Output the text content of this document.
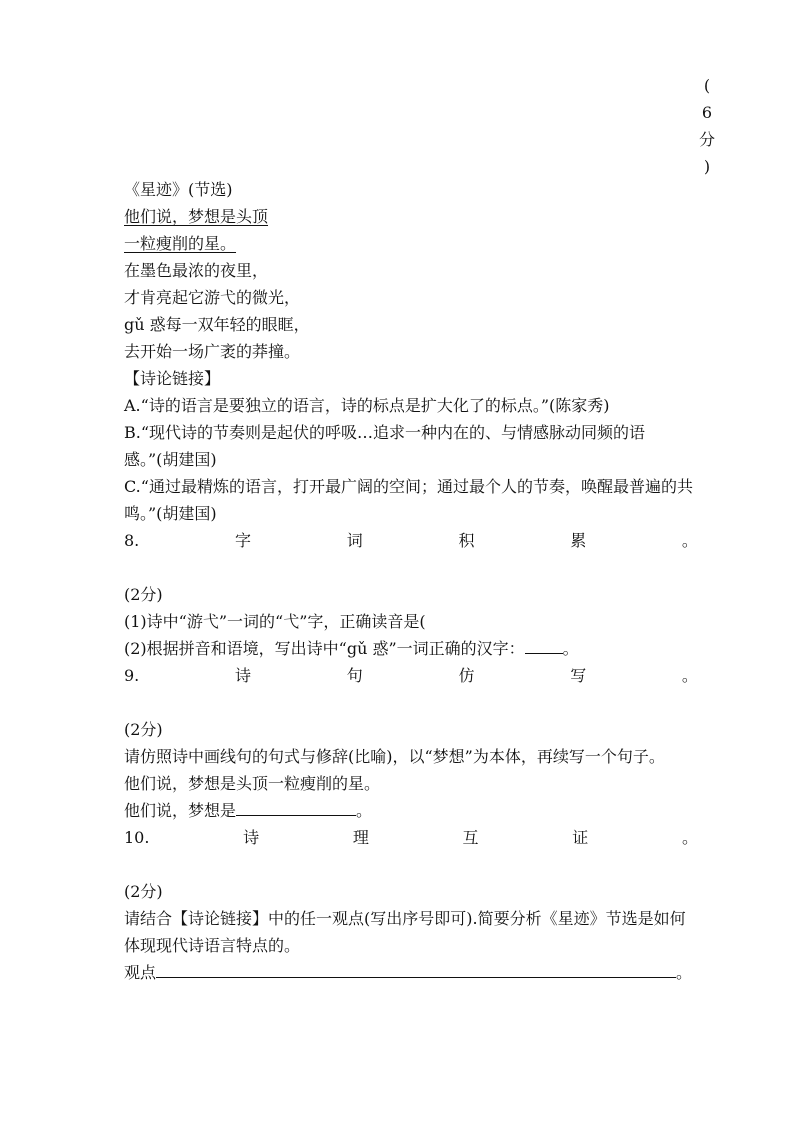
(
6
分
)
《星迹》(节选)
他们说，梦想是头顶
一粒瘦削的星。
在墨色最浓的夜里，
才肯亮起它游弋的微光，
gǔ 惑每一双年轻的眼眶，
去开始一场广袤的莽撞。
【诗论链接】
A.“诗的语言是要独立的语言，诗的标点是扩大化了的标点。”(陈家秀)
B.“现代诗的节奏则是起伏的呼吸…追求一种内在的、与情感脉动同频的语感。”(胡建国)
C.“通过最精炼的语言，打开最广阔的空间；通过最个人的节奏，唤醒最普遍的共鸣。”(胡建国)
8.	字	词	积	累	。
(2分)
(1)诗中“游弋”一词的“弋”字，正确读音是(
(2)根据拼音和语境，写出诗中“gǔ 惑”一词正确的汉字： 。
9.	诗	句	仿	写	。
(2分)
请仿照诗中画线句的句式与修辞(比喻)，以“梦想”为本体，再续写一个句子。
他们说，梦想是头顶一粒瘦削的星。
他们说，梦想是	。
10.	诗	理	互	证	。
(2分)
请结合【诗论链接】中的任一观点(写出序号即可).简要分析《星迹》节选是如何体现现代诗语言特点的。
观点	。
